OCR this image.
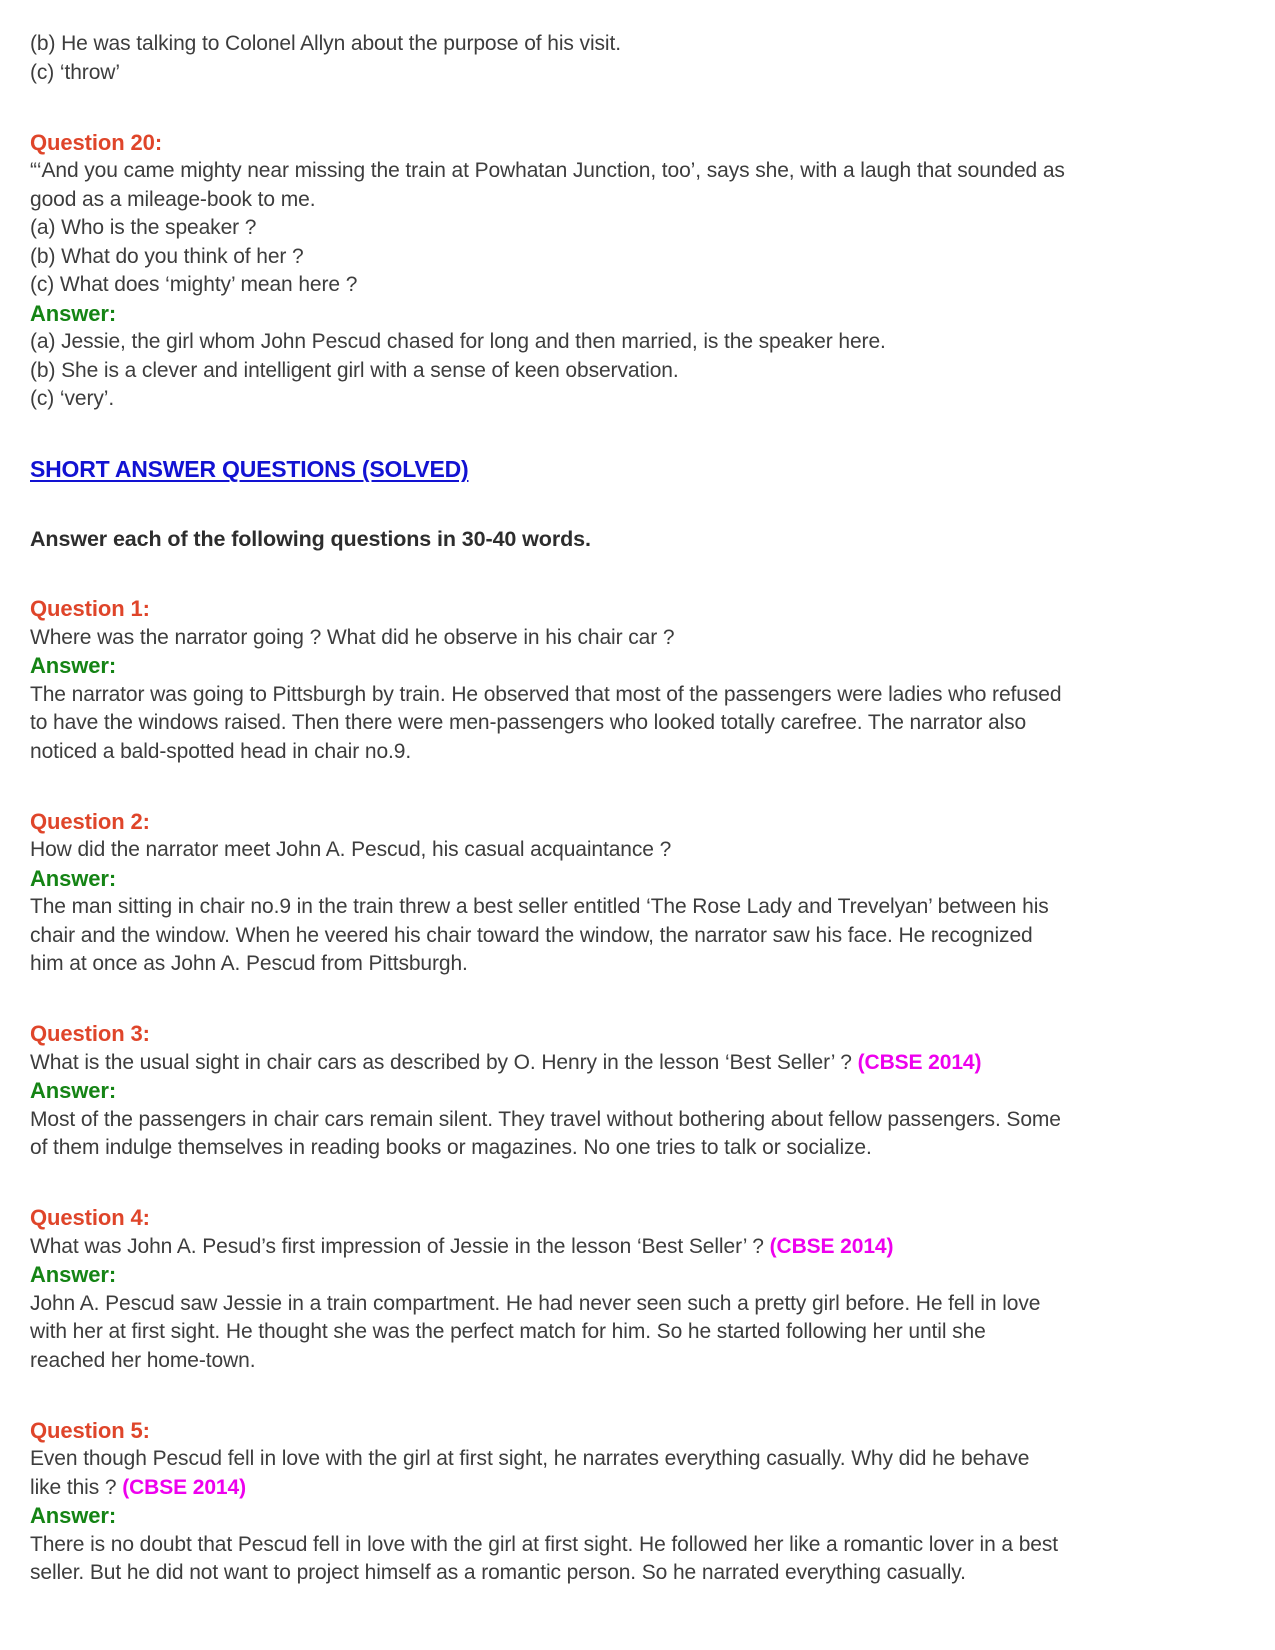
(b) He was talking to Colonel Allyn about the purpose of his visit.
(c) ‘throw’
Question 20:
“‘And you came mighty near missing the train at Powhatan Junction, too’, says she, with a laugh that sounded as
good as a mileage-book to me.
(a) Who is the speaker ?
(b) What do you think of her ?
(c) What does ‘mighty’ mean here ?
Answer:
(a) Jessie, the girl whom John Pescud chased for long and then married, is the speaker here.
(b) She is a clever and intelligent girl with a sense of keen observation.
(c) ‘very’.
SHORT ANSWER QUESTIONS (SOLVED)

Answer each of the following questions in 30-40 words.

Question 1:
Where was the narrator going ? What did he observe in his chair car ?
Answer:
The narrator was going to Pittsburgh by train. He observed that most of the passengers were ladies who refused
to have the windows raised. Then there were men-passengers who looked totally carefree. The narrator also
noticed a bald-spotted head in chair no.9.
Question 2:
How did the narrator meet John A. Pescud, his casual acquaintance ?
Answer:
The man sitting in chair no.9 in the train threw a best seller entitled ‘The Rose Lady and Trevelyan’ between his
chair and the window. When he veered his chair toward the window, the narrator saw his face. He recognized
him at once as John A. Pescud from Pittsburgh.
Question 3:
What is the usual sight in chair cars as described by O. Henry in the lesson ‘Best Seller’ ? (CBSE 2014)
Answer:
Most of the passengers in chair cars remain silent. They travel without bothering about fellow passengers. Some
of them indulge themselves in reading books or magazines. No one tries to talk or socialize.
Question 4:
What was John A. Pesud’s first impression of Jessie in the lesson ‘Best Seller’ ? (CBSE 2014)
Answer:
John A. Pescud saw Jessie in a train compartment. He had never seen such a pretty girl before. He fell in love
with her at first sight. He thought she was the perfect match for him. So he started following her until she
reached her home-town.
Question 5:
Even though Pescud fell in love with the girl at first sight, he narrates everything casually. Why did he behave
like this ? (CBSE 2014)
Answer:
There is no doubt that Pescud fell in love with the girl at first sight. He followed her like a romantic lover in a best
seller. But he did not want to project himself as a romantic person. So he narrated everything casually.
